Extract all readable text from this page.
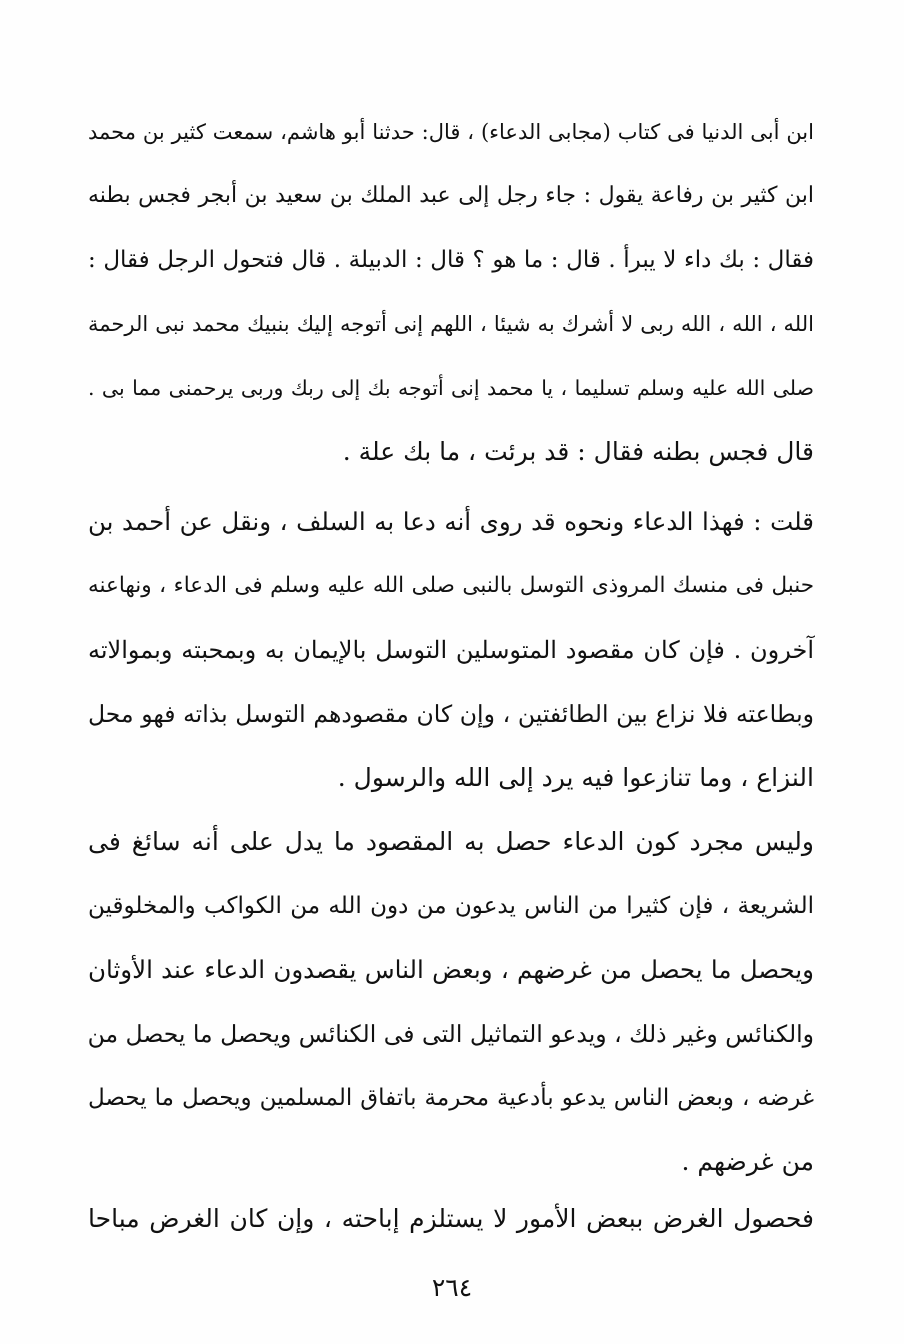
ابن أبى الدنيا فى كتاب (مجابى الدعاء) ، قال: حدثنا أبو هاشم، سمعت كثير بن محمد
ابن كثير بن رفاعة يقول : جاء رجل إلى عبد الملك بن سعيد بن أبجر فجس بطنه
فقال : بك داء لا يبرأ . قال : ما هو ؟ قال : الدبيلة . قال فتحول الرجل فقال :
الله ، الله ، الله ربى لا أشرك به شيئا ، اللهم إنى أتوجه إليك بنبيك محمد نبى الرحمة
صلى الله عليه وسلم تسليما ، يا محمد إنى أتوجه بك إلى ربك وربى يرحمنى مما بى .
قال فجس بطنه فقال : قد برئت ، ما بك علة .
قلت : فهذا الدعاء ونحوه قد روى أنه دعا به السلف ، ونقل عن أحمد بن
حنبل فى منسك المروذى التوسل بالنبى صلى الله عليه وسلم فى الدعاء ، ونهاعنه
آخرون . فإن كان مقصود المتوسلين التوسل بالإيمان به وبمحبته وبموالاته
وبطاعته فلا نزاع بين الطائفتين ، وإن كان مقصودهم التوسل بذاته فهو محل
النزاع ، وما تنازعوا فيه يرد إلى الله والرسول .
وليس مجرد كون الدعاء حصل به المقصود ما يدل على أنه سائغ فى
الشريعة ، فإن كثيرا من الناس يدعون من دون الله من الكواكب والمخلوقين
ويحصل ما يحصل من غرضهم ، وبعض الناس يقصدون الدعاء عند الأوثان
والكنائس وغير ذلك ، ويدعو التماثيل التى فى الكنائس ويحصل ما يحصل من
غرضه ، وبعض الناس يدعو بأدعية محرمة باتفاق المسلمين ويحصل ما يحصل
من غرضهم .
فحصول الغرض ببعض الأمور لا يستلزم إباحته ، وإن كان الغرض مباحا
٢٦٤
